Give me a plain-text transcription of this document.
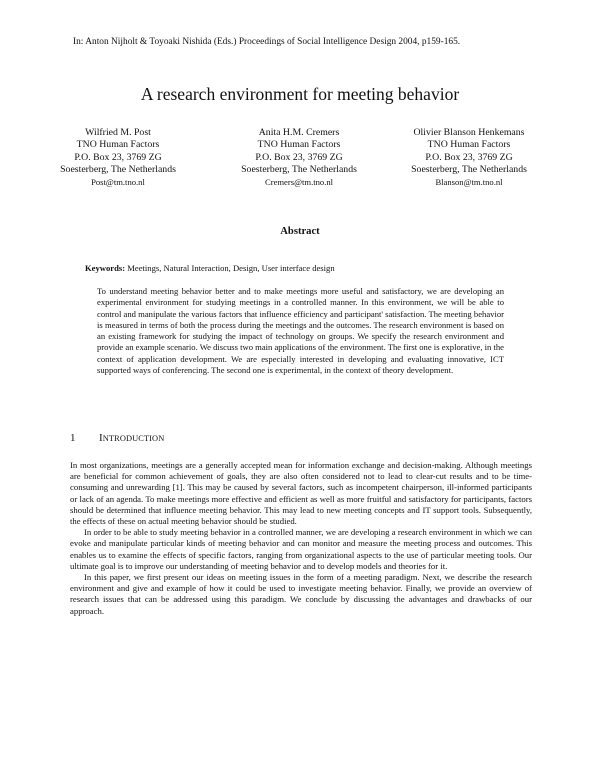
In: Anton Nijholt & Toyoaki Nishida (Eds.) Proceedings of Social Intelligence Design 2004, p159-165.
A research environment for meeting behavior
Wilfried M. Post
TNO Human Factors
P.O. Box 23, 3769 ZG
Soesterberg, The Netherlands
Post@tm.tno.nl
Anita H.M. Cremers
TNO Human Factors
P.O. Box 23, 3769 ZG
Soesterberg, The Netherlands
Cremers@tm.tno.nl
Olivier Blanson Henkemans
TNO Human Factors
P.O. Box 23, 3769 ZG
Soesterberg, The Netherlands
Blanson@tm.tno.nl
Abstract
Keywords: Meetings, Natural Interaction, Design, User interface design
To understand meeting behavior better and to make meetings more useful and satisfactory, we are developing an experimental environment for studying meetings in a controlled manner. In this environment, we will be able to control and manipulate the various factors that influence efficiency and participant' satisfaction. The meeting behavior is measured in terms of both the process during the meetings and the outcomes. The research environment is based on an existing framework for studying the impact of technology on groups. We specify the research environment and provide an example scenario. We discuss two main applications of the environment. The first one is explorative, in the context of application development. We are especially interested in developing and evaluating innovative, ICT supported ways of conferencing. The second one is experimental, in the context of theory development.
1 INTRODUCTION

In most organizations, meetings are a generally accepted mean for information exchange and decision-making. Although meetings are beneficial for common achievement of goals, they are also often considered not to lead to clear-cut results and to be time-consuming and unrewarding [1]. This may be caused by several factors, such as incompetent chairperson, ill-informed participants or lack of an agenda. To make meetings more effective and efficient as well as more fruitful and satisfactory for participants, factors should be determined that influence meeting behavior. This may lead to new meeting concepts and IT support tools. Subsequently, the effects of these on actual meeting behavior should be studied.

In order to be able to study meeting behavior in a controlled manner, we are developing a research environment in which we can evoke and manipulate particular kinds of meeting behavior and can monitor and measure the meeting process and outcomes. This enables us to examine the effects of specific factors, ranging from organizational aspects to the use of particular meeting tools. Our ultimate goal is to improve our understanding of meeting behavior and to develop models and theories for it.

In this paper, we first present our ideas on meeting issues in the form of a meeting paradigm. Next, we describe the research environment and give and example of how it could be used to investigate meeting behavior. Finally, we provide an overview of research issues that can be addressed using this paradigm. We conclude by discussing the advantages and drawbacks of our approach.
